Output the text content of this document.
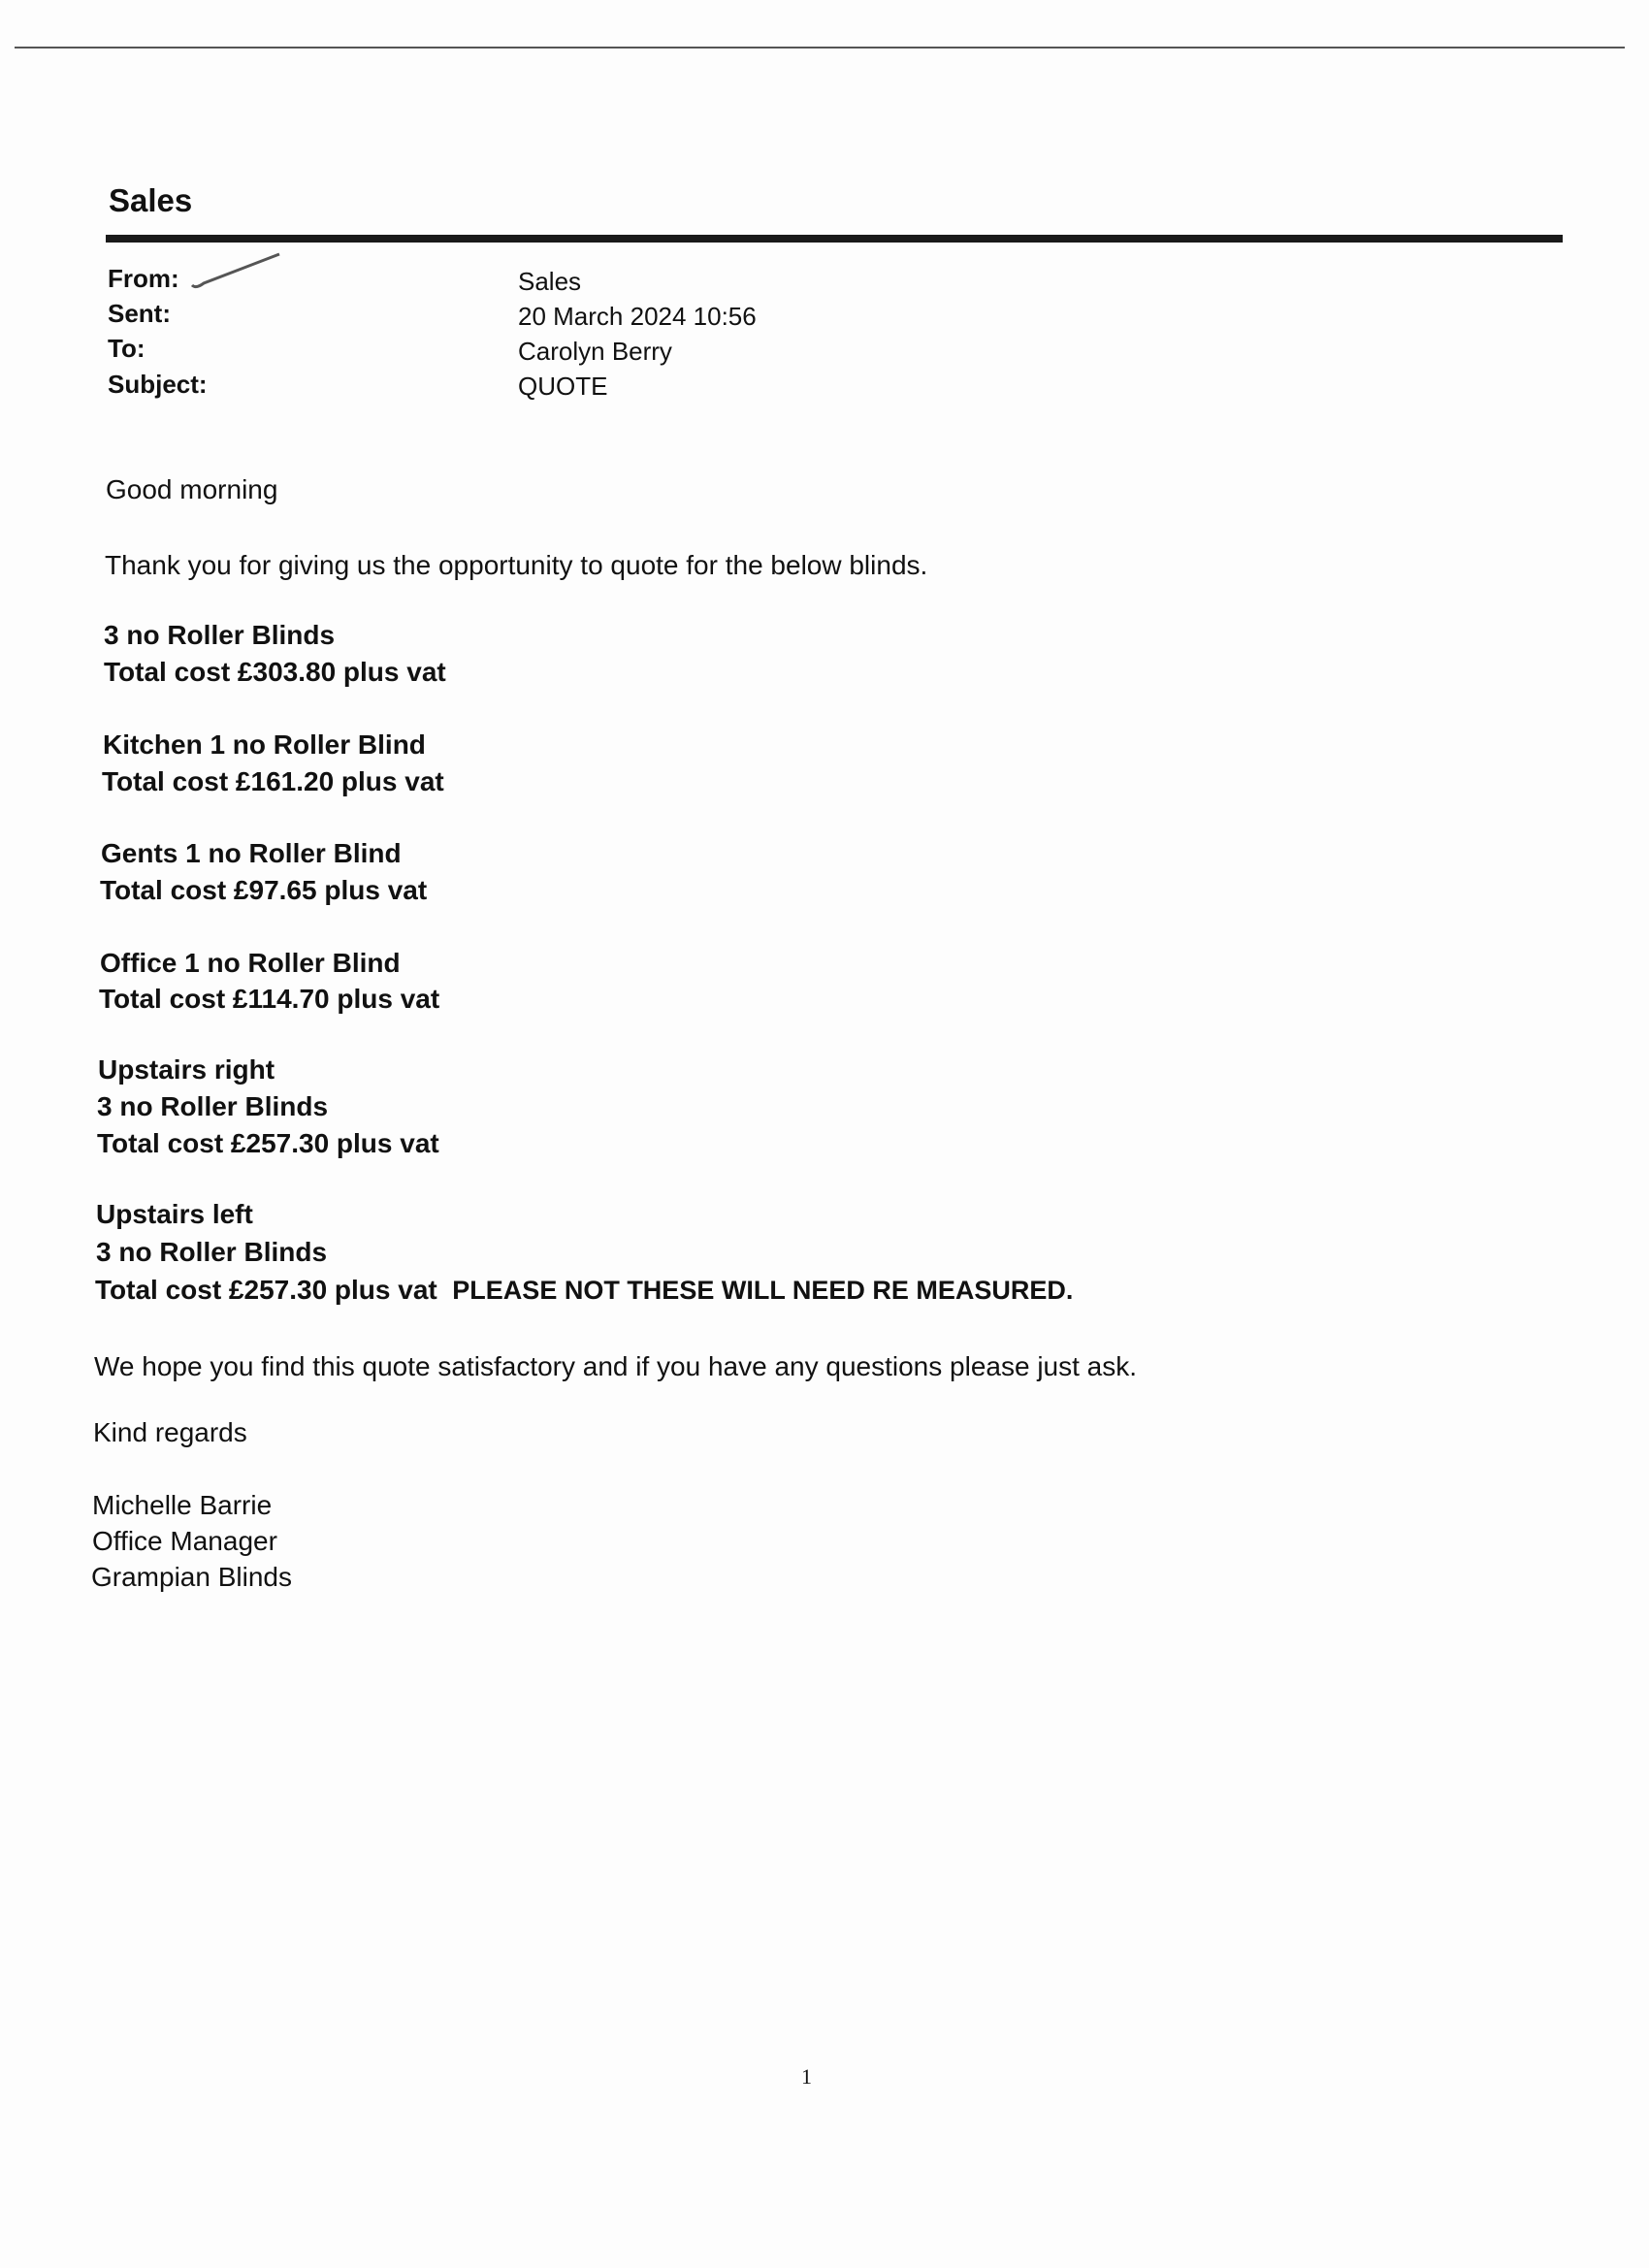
Sales
From:	Sales
Sent:	20 March 2024 10:56
To:	Carolyn Berry
Subject:	QUOTE
Good morning
Thank you for giving us the opportunity to quote for the below blinds.
3 no Roller Blinds
Total cost £303.80 plus vat
Kitchen 1 no Roller Blind
Total cost £161.20 plus vat
Gents 1 no Roller Blind
Total cost £97.65 plus vat
Office 1 no Roller Blind
Total cost £114.70 plus vat
Upstairs right
3 no Roller Blinds
Total cost £257.30 plus vat
Upstairs left
3 no Roller Blinds
Total cost £257.30 plus vat PLEASE NOT THESE WILL NEED RE MEASURED.
We hope you find this quote satisfactory and if you have any questions please just ask.
Kind regards
Michelle Barrie
Office Manager
Grampian Blinds
1
